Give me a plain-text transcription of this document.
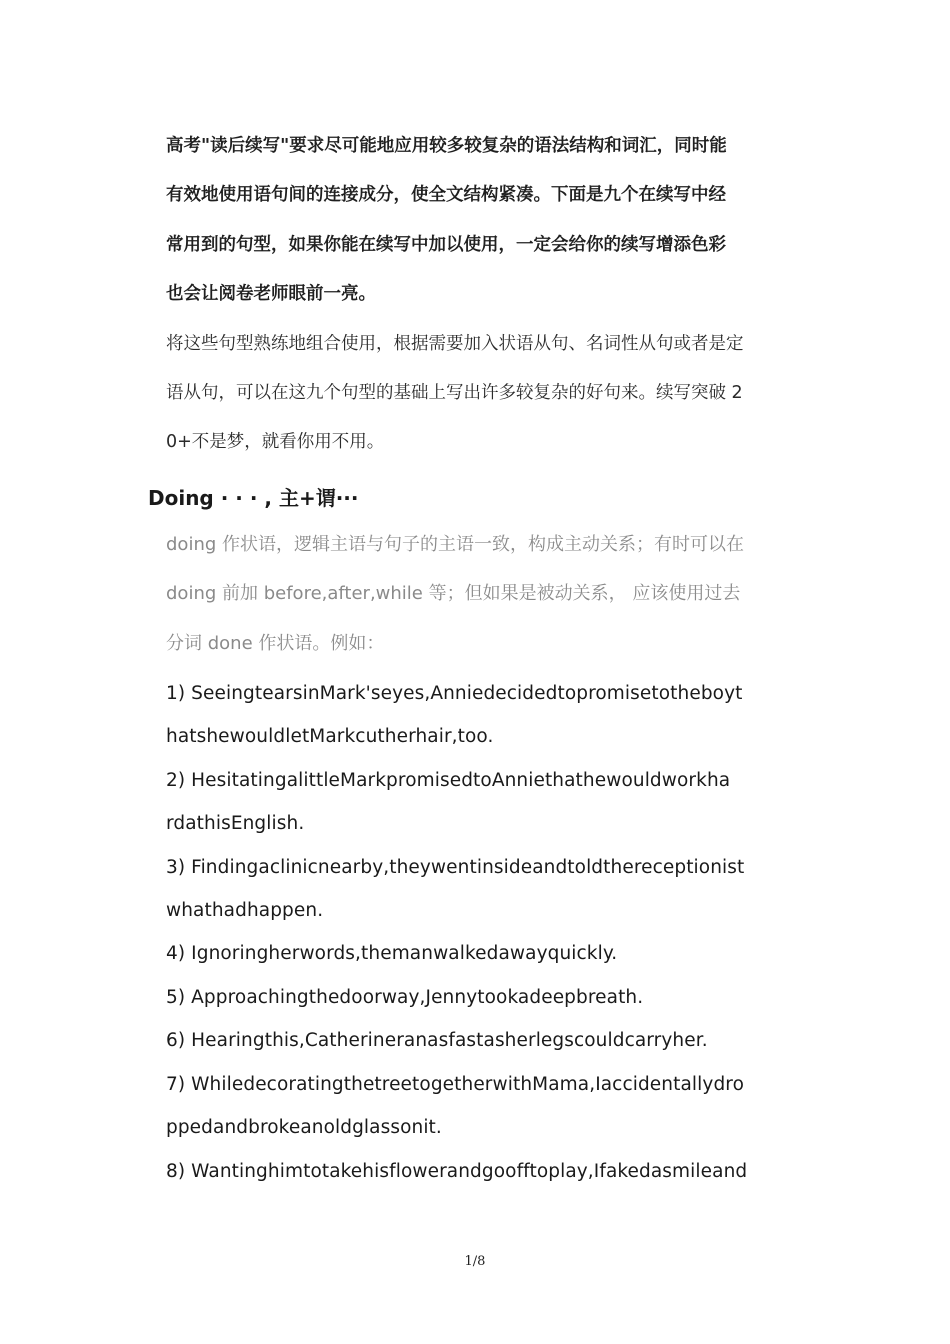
高考"读后续写"要求尽可能地应用较多较复杂的语法结构和词汇，同时能
有效地使用语句间的连接成分，使全文结构紧凑。下面是九个在续写中经
常用到的句型，如果你能在续写中加以使用，一定会给你的续写增添色彩
也会让阅卷老师眼前一亮。
将这些句型熟练地组合使用，根据需要加入状语从句、名词性从句或者是定
语从句，可以在这九个句型的基础上写出许多较复杂的好句来。续写突破 2
0+不是梦，就看你用不用。
Doing · · · , 主+谓···
doing 作状语，逻辑主语与句子的主语一致，构成主动关系；有时可以在
doing 前加 before,after,while 等；但如果是被动关系， 应该使用过去
分词 done 作状语。例如：
1) SeeingtearsinMark'seyes,Anniedecidedtopromisetotheboyt
hatshewouldletMarkcutherhair,too.
2) HesitatingalittleMarkpromisedtoAnniethathewouldworkha
rdathisEnglish.
3) Findingaclinicnearby,theywentinsideandtoldthereceptionist
whathadhappen.
4) Ignoringherwords,themanwalkedawayquickly.
5) Approachingthedoorway,Jennytookadeepbreath.
6) Hearingthis,Catherineranasfastasherlegscouldcarryher.
7) WhiledecoratingthetreetogetherwithMama,Iaccidentallydro
ppedandbrokeanoldglassonit.
8) Wantinghimtotakehisflowerandgoofftoplay,Ifakedasmileand
1/8
